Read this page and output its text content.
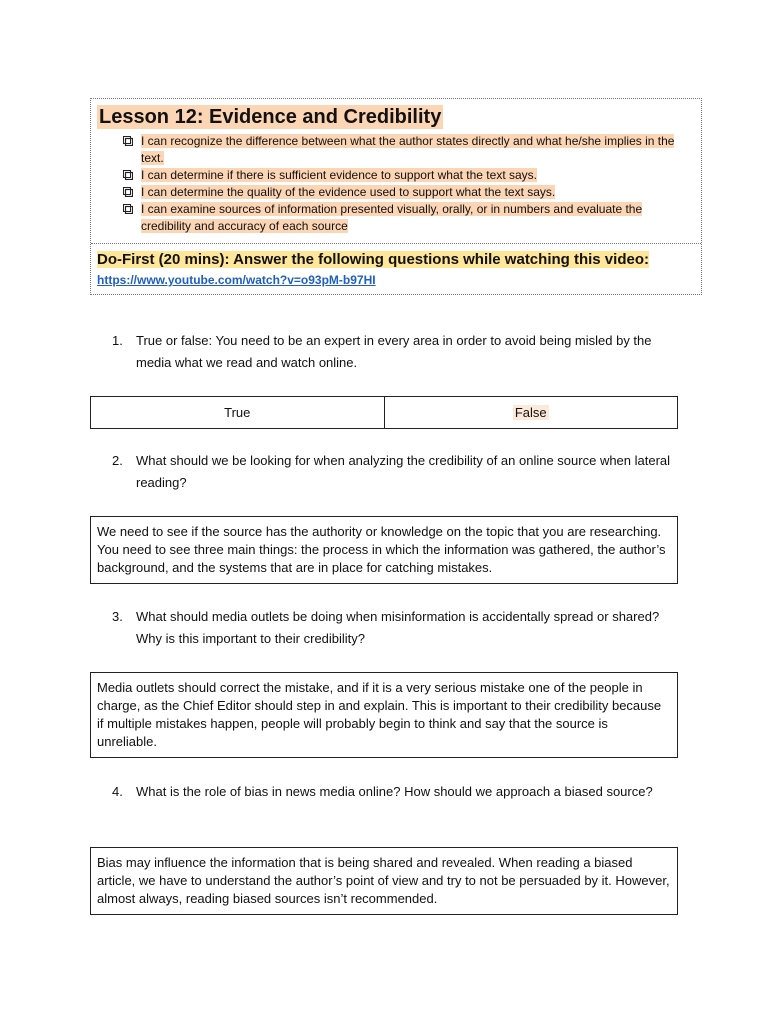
Lesson 12: Evidence and Credibility
I can recognize the difference between what the author states directly and what he/she implies in the text.
I can determine if there is sufficient evidence to support what the text says.
I can determine the quality of the evidence used to support what the text says.
I can examine sources of information presented visually, orally, or in numbers and evaluate the credibility and accuracy of each source
Do-First (20 mins): Answer the following questions while watching this video:
https://www.youtube.com/watch?v=o93pM-b97HI
1.	True or false: You need to be an expert in every area in order to avoid being misled by the media what we read and watch online.
True	False
2.	What should we be looking for when analyzing the credibility of an online source when lateral reading?
We need to see if the source has the authority or knowledge on the topic that you are researching. You need to see three main things: the process in which the information was gathered, the author’s background, and the systems that are in place for catching mistakes.
3.	What should media outlets be doing when misinformation is accidentally spread or shared? Why is this important to their credibility?
Media outlets should correct the mistake, and if it is a very serious mistake one of the people in charge, as the Chief Editor should step in and explain. This is important to their credibility because if multiple mistakes happen, people will probably begin to think and say that the source is unreliable.
4.	What is the role of bias in news media online? How should we approach a biased source?
Bias may influence the information that is being shared and revealed. When reading a biased article, we have to understand the author’s point of view and try to not be persuaded by it. However, almost always, reading biased sources isn’t recommended.
